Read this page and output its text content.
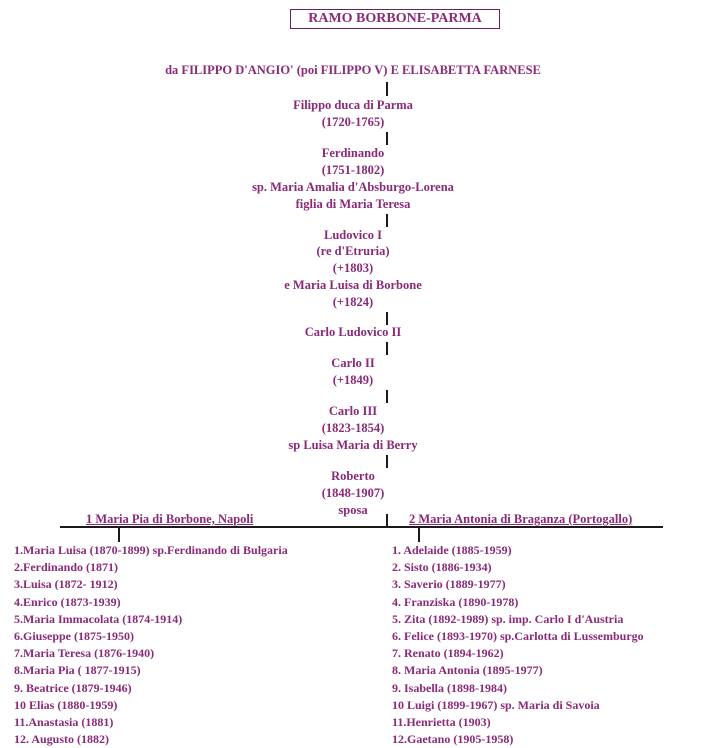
RAMO BORBONE-PARMA
da FILIPPO D'ANGIO' (poi FILIPPO V) E ELISABETTA FARNESE
Filippo duca di Parma
(1720-1765)
Ferdinando
(1751-1802)
sp. Maria Amalia d'Absburgo-Lorena
figlia di Maria Teresa
Ludovico I
(re d'Etruria)
(+1803)
e Maria Luisa di Borbone
(+1824)
Carlo Ludovico II
Carlo II
(+1849)
Carlo III
(1823-1854)
sp Luisa Maria di Berry
Roberto
(1848-1907)
sposa
1 Maria Pia di Borbone, Napoli	2 Maria Antonia di Braganza (Portogallo)
1.Maria Luisa (1870-1899) sp.Ferdinando di Bulgaria
2.Ferdinando (1871)
3.Luisa (1872- 1912)
4.Enrico (1873-1939)
5.Maria Immacolata (1874-1914)
6.Giuseppe (1875-1950)
7.Maria Teresa (1876-1940)
8.Maria Pia ( 1877-1915)
9. Beatrice (1879-1946)
10 Elias (1880-1959)
11.Anastasia (1881)
12. Augusto (1882)
1. Adelaide (1885-1959)
2. Sisto (1886-1934)
3. Saverio (1889-1977)
4. Franziska (1890-1978)
5. Zita (1892-1989) sp. imp. Carlo I d'Austria
6. Felice (1893-1970) sp.Carlotta di Lussemburgo
7. Renato (1894-1962)
8. Maria Antonia (1895-1977)
9. Isabella (1898-1984)
10 Luigi (1899-1967) sp. Maria di Savoia
11.Henrietta (1903)
12.Gaetano (1905-1958)
